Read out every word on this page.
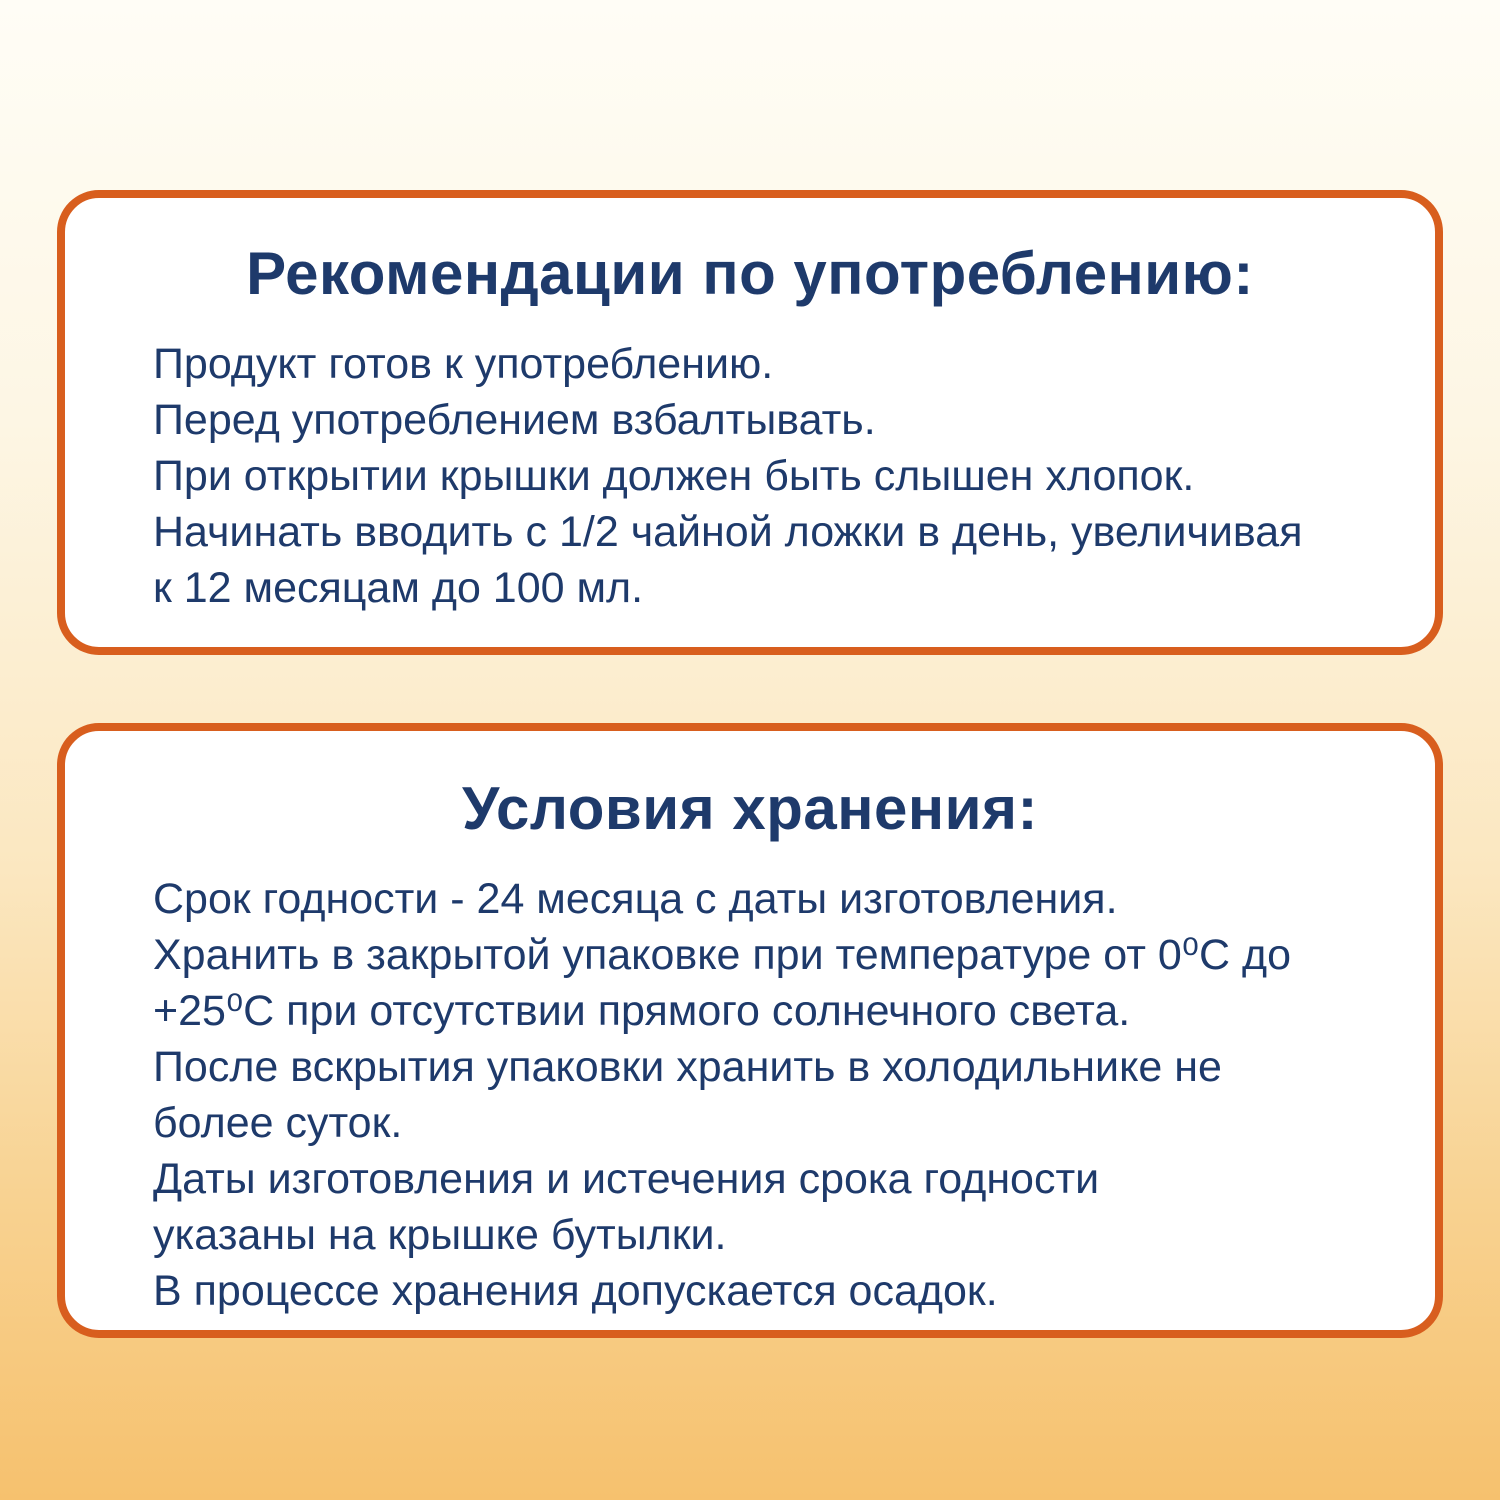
Рекомендации по употреблению:
Продукт готов к употреблению.
Перед употреблением взбалтывать.
При открытии крышки должен быть слышен хлопок.
Начинать вводить с 1/2 чайной ложки в день, увеличивая
к 12 месяцам до 100 мл.
Условия хранения:
Срок годности - 24 месяца с даты изготовления.
Хранить в закрытой упаковке при температуре от 0⁰С до
+25⁰С при отсутствии прямого солнечного света.
После вскрытия упаковки хранить в холодильнике не
более суток.
Даты изготовления и истечения срока годности
указаны на крышке бутылки.
В процессе хранения допускается осадок.
